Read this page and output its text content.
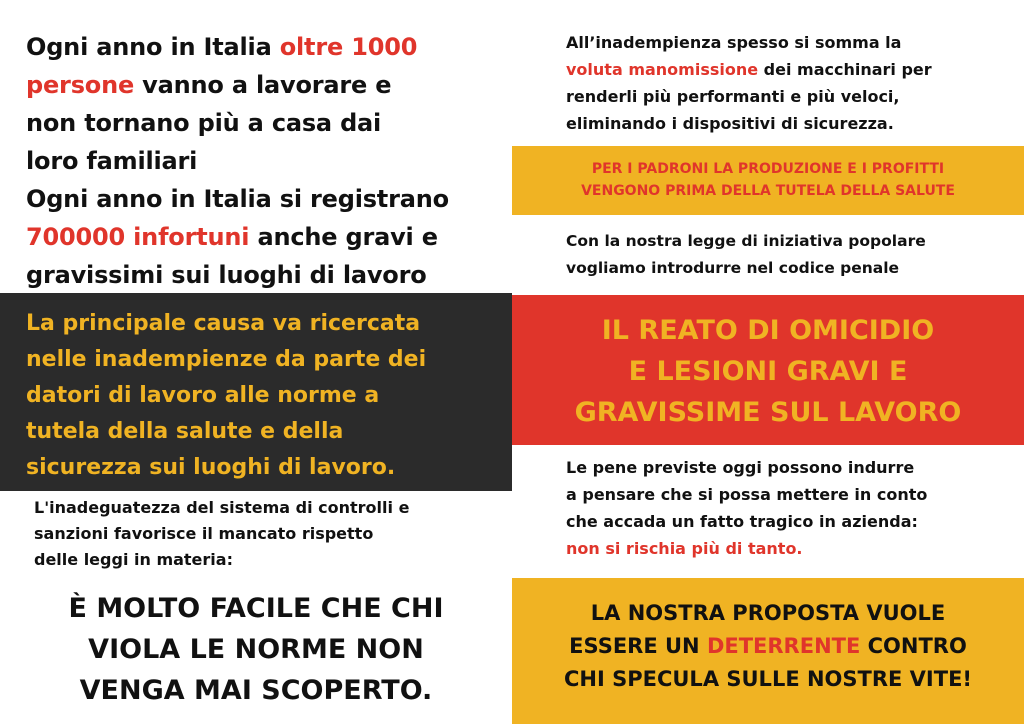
Ogni anno in Italia oltre 1000
persone vanno a lavorare e
non tornano più a casa dai
loro familiari
Ogni anno in Italia si registrano
700000 infortuni anche gravi e
gravissimi sui luoghi di lavoro
La principale causa va ricercata
nelle inadempienze da parte dei
datori di lavoro alle norme a
tutela della salute e della
sicurezza sui luoghi di lavoro.
L'inadeguatezza del sistema di controlli e
sanzioni favorisce il mancato rispetto
delle leggi in materia:
È MOLTO FACILE CHE CHI
VIOLA LE NORME NON
VENGA MAI SCOPERTO.
All’inadempienza spesso si somma la
voluta manomissione dei macchinari per
renderli più performanti e più veloci,
eliminando i dispositivi di sicurezza.
PER I PADRONI LA PRODUZIONE E I PROFITTI
VENGONO PRIMA DELLA TUTELA DELLA SALUTE
Con la nostra legge di iniziativa popolare
vogliamo introdurre nel codice penale
IL REATO DI OMICIDIO
E LESIONI GRAVI E
GRAVISSIME SUL LAVORO
Le pene previste oggi possono indurre
a pensare che si possa mettere in conto
che accada un fatto tragico in azienda:
non si rischia più di tanto.
LA NOSTRA PROPOSTA VUOLE
ESSERE UN DETERRENTE CONTRO
CHI SPECULA SULLE NOSTRE VITE!
